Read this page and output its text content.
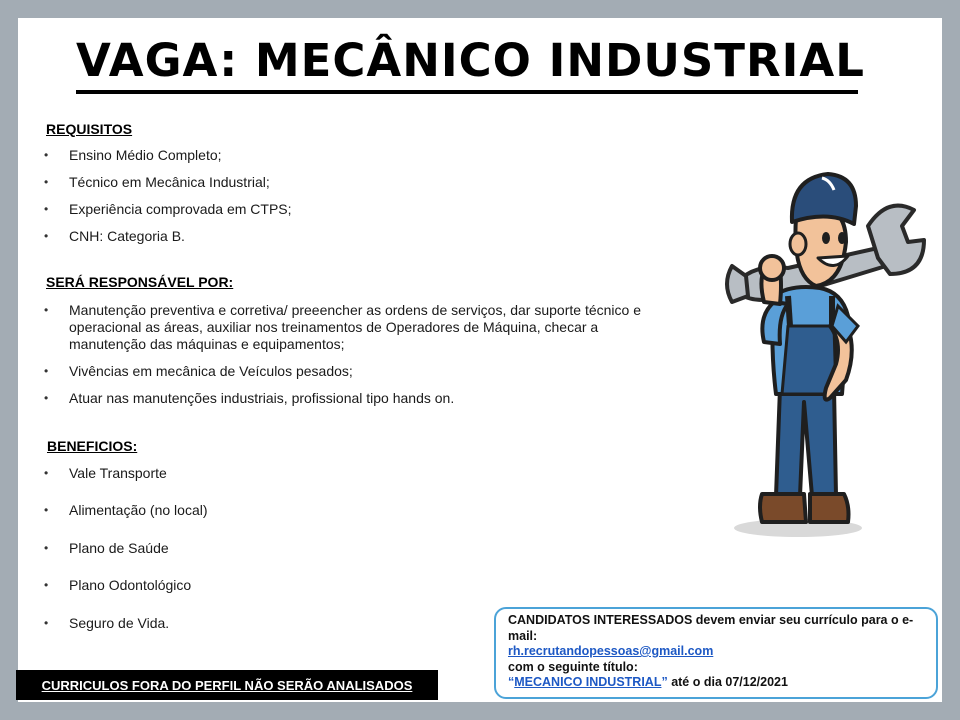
VAGA: MECÂNICO INDUSTRIAL
REQUISITOS
•	Ensino Médio Completo;
•	Técnico em Mecânica Industrial;
•	Experiência comprovada em CTPS;
•	CNH: Categoria B.
SERÁ RESPONSÁVEL POR:
•	Manutenção preventiva e corretiva/ preeencher as ordens de serviços, dar suporte técnico e operacional as áreas, auxiliar nos treinamentos de Operadores de Máquina, checar a manutenção das máquinas e equipamentos;
•	Vivências em mecânica de Veículos pesados;
•	Atuar nas manutenções industriais, profissional tipo hands on.
BENEFICIOS:
•	Vale Transporte
•	Alimentação (no local)
•	Plano de Saúde
•	Plano Odontológico
•	Seguro de Vida.
CURRICULOS FORA DO PERFIL NÃO SERÃO ANALISADOS
CANDIDATOS INTERESSADOS devem enviar seu currículo para o e-mail:
rh.recrutandopessoas@gmail.com
com o seguinte título:
“MECANICO INDUSTRIAL” até o dia 07/12/2021
